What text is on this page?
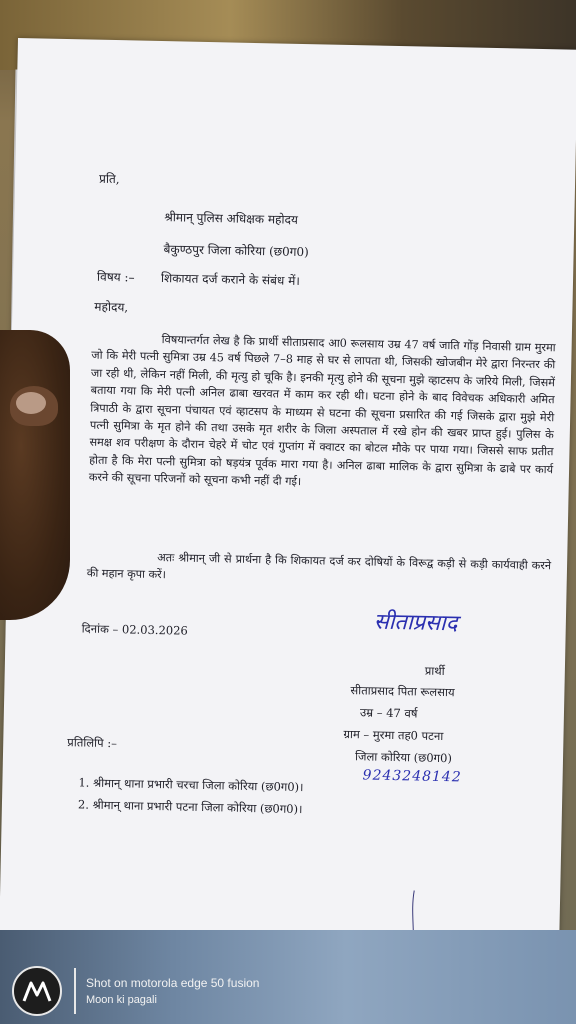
प्रति,
श्रीमान् पुलिस अधिक्षक महोदय
बैकुण्ठपुर जिला कोरिया (छ0ग0)
विषय :– शिकायत दर्ज कराने के संबंध में।
महोदय,
विषयान्तर्गत लेख है कि प्रार्थी सीताप्रसाद आ0 रूलसाय उम्र 47 वर्ष जाति गोंड़ निवासी ग्राम मुरमा जो कि मेरी पत्नी सुमित्रा उम्र 45 वर्ष पिछले 7–8 माह से घर से लापता थी, जिसकी खोजबीन मेरे द्वारा निरन्तर की जा रही थी, लेकिन नहीं मिली, की मृत्यु हो चूकि है। इनकी मृत्यु होने की सूचना मुझे व्हाटसप के जरिये मिली, जिसमें बताया गया कि मेरी पत्नी अनिल ढाबा खरवत में काम कर रही थी। घटना होने के बाद विवेचक अधिकारी अमित त्रिपाठी के द्वारा सूचना पंचायत एवं व्हाटसप के माध्यम से घटना की सूचना प्रसारित की गई जिसके द्वारा मुझे मेरी पत्नी सुमित्रा के मृत होने की तथा उसके मृत शरीर के जिला अस्पताल में रखे होन की खबर प्राप्त हुई। पुलिस के समक्ष शव परीक्षण के दौरान चेहरे में चोट एवं गुप्तांग में क्वाटर का बोटल मौके पर पाया गया। जिससे साफ प्रतीत होता है कि मेरा पत्नी सुमित्रा को षड़यंत्र पूर्वक मारा गया है। अनिल ढाबा मालिक के द्वारा सुमित्रा के ढाबे पर कार्य करने की सूचना परिजनों को सूचना कभी नहीं दी गई।
अतः श्रीमान् जी से प्रार्थना है कि शिकायत दर्ज कर दोषियों के विरूद्व कड़ी से कड़ी कार्यवाही करने की महान कृपा करें।
दिनांक – 02.03.2026	सीताप्रसाद
प्रार्थी
सीताप्रसाद पिता रूलसाय
उम्र – 47 वर्ष
ग्राम – मुरमा तह0 पटना
जिला कोरिया (छ0ग0)
9243248142
प्रतिलिपि :–
1. श्रीमान् थाना प्रभारी चरचा जिला कोरिया (छ0ग0)।
2. श्रीमान् थाना प्रभारी पटना जिला कोरिया (छ0ग0)।
Shot on motorola edge 50 fusion
Moon ki pagali
